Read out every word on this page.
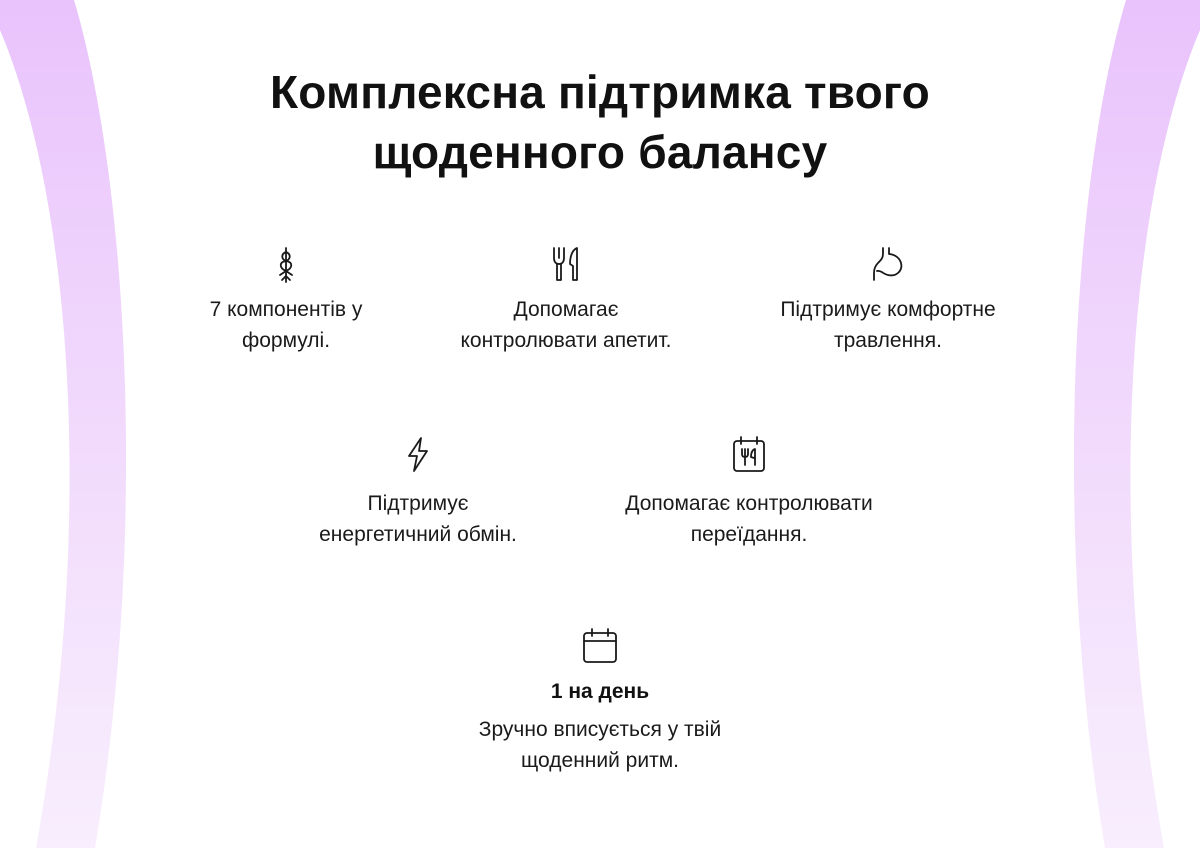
Комплексна підтримка твого
щоденного балансу
7 компонентів у
формулі.
Допомагає
контролювати апетит.
Підтримує комфортне
травлення.
Підтримує
енергетичний обмін.
Допомагає контролювати
переїдання.
1 на день
Зручно вписується у твій
щоденний ритм.
